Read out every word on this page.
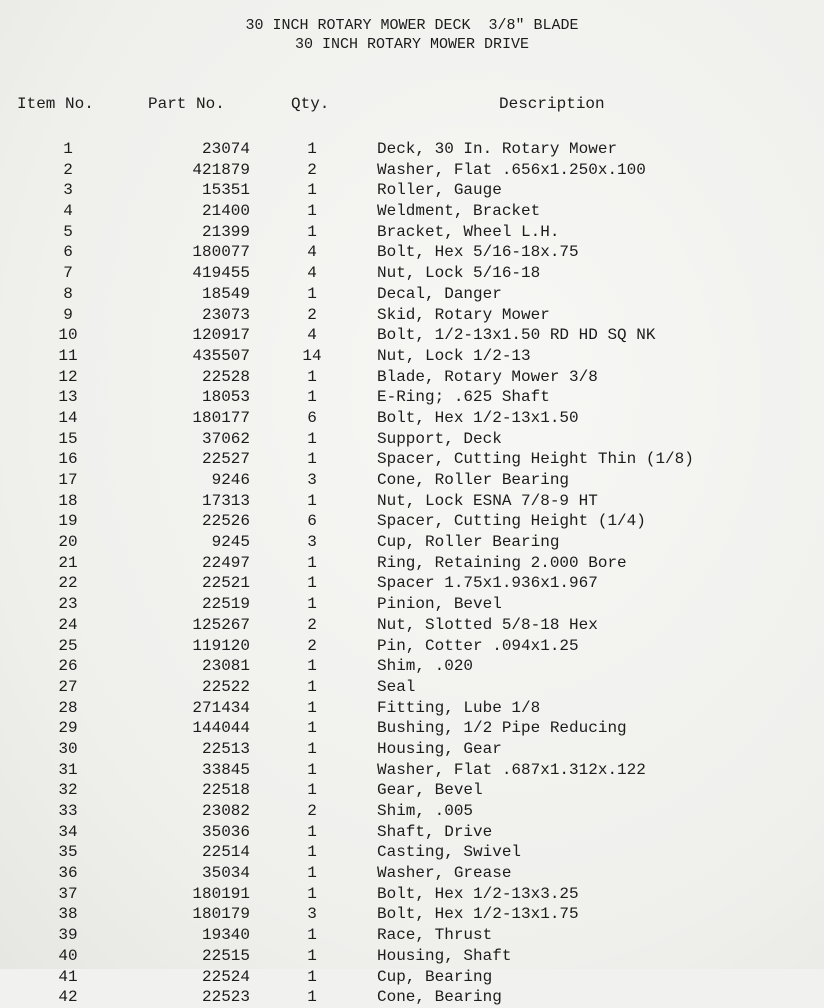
30 INCH ROTARY MOWER DECK  3/8" BLADE
30 INCH ROTARY MOWER DRIVE
Item No.	Part No.	Qty.	Description
1	23074	1	Deck, 30 In. Rotary Mower
2	421879	2	Washer, Flat .656x1.250x.100
3	15351	1	Roller, Gauge
4	21400	1	Weldment, Bracket
5	21399	1	Bracket, Wheel L.H.
6	180077	4	Bolt, Hex 5/16-18x.75
7	419455	4	Nut, Lock 5/16-18
8	18549	1	Decal, Danger
9	23073	2	Skid, Rotary Mower
10	120917	4	Bolt, 1/2-13x1.50 RD HD SQ NK
11	435507	14	Nut, Lock 1/2-13
12	22528	1	Blade, Rotary Mower 3/8
13	18053	1	E-Ring; .625 Shaft
14	180177	6	Bolt, Hex 1/2-13x1.50
15	37062	1	Support, Deck
16	22527	1	Spacer, Cutting Height Thin (1/8)
17	9246	3	Cone, Roller Bearing
18	17313	1	Nut, Lock ESNA 7/8-9 HT
19	22526	6	Spacer, Cutting Height (1/4)
20	9245	3	Cup, Roller Bearing
21	22497	1	Ring, Retaining 2.000 Bore
22	22521	1	Spacer 1.75x1.936x1.967
23	22519	1	Pinion, Bevel
24	125267	2	Nut, Slotted 5/8-18 Hex
25	119120	2	Pin, Cotter .094x1.25
26	23081	1	Shim, .020
27	22522	1	Seal
28	271434	1	Fitting, Lube 1/8
29	144044	1	Bushing, 1/2 Pipe Reducing
30	22513	1	Housing, Gear
31	33845	1	Washer, Flat .687x1.312x.122
32	22518	1	Gear, Bevel
33	23082	2	Shim, .005
34	35036	1	Shaft, Drive
35	22514	1	Casting, Swivel
36	35034	1	Washer, Grease
37	180191	1	Bolt, Hex 1/2-13x3.25
38	180179	3	Bolt, Hex 1/2-13x1.75
39	19340	1	Race, Thrust
40	22515	1	Housing, Shaft
41	22524	1	Cup, Bearing
42	22523	1	Cone, Bearing
